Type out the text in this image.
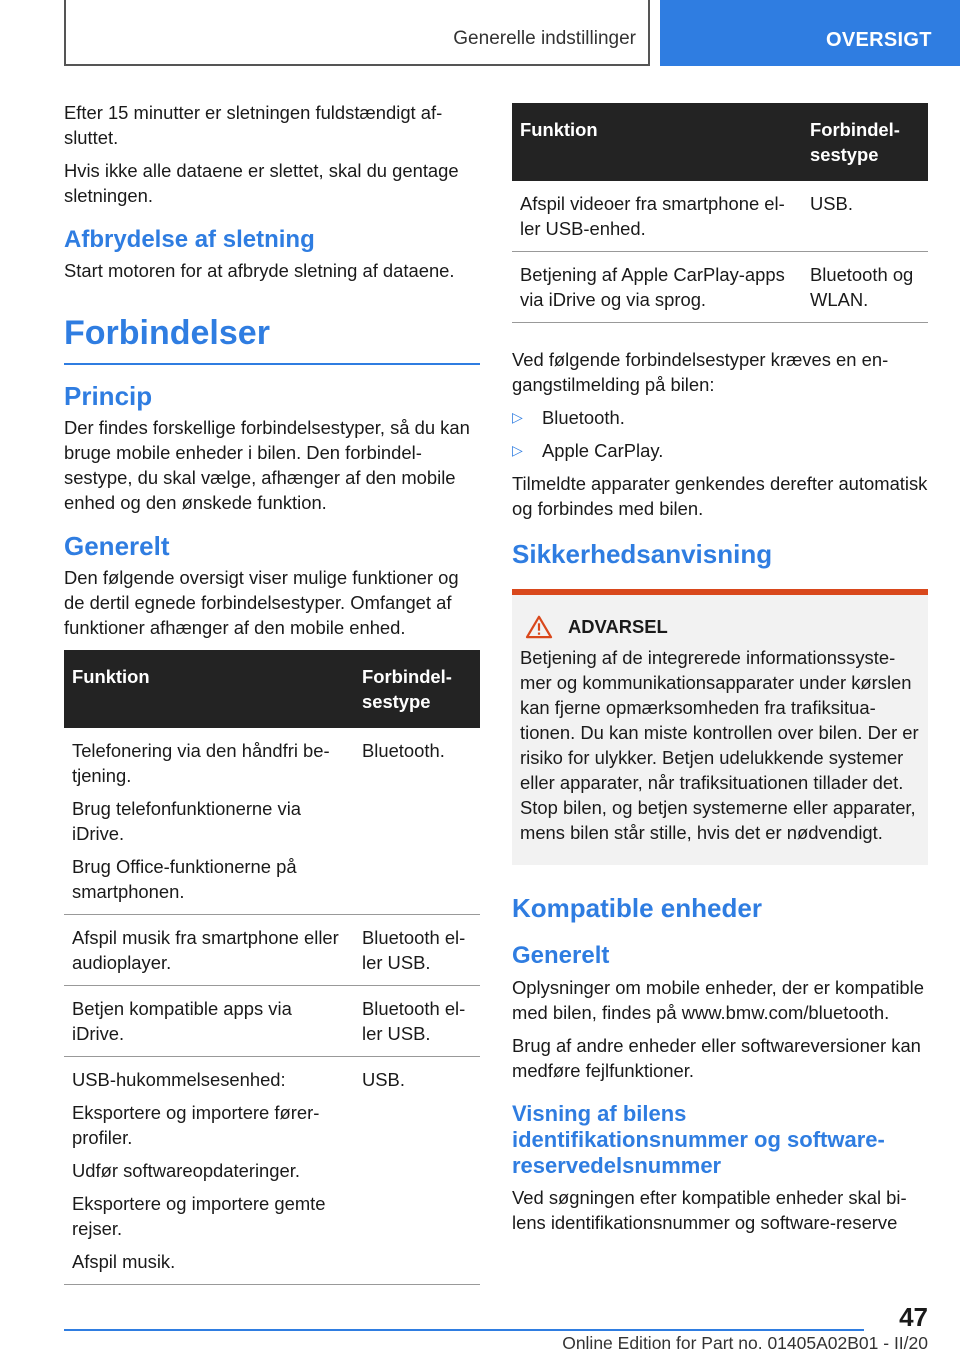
Generelle indstillinger	OVERSIGT

Efter 15 minutter er sletningen fuldstændigt afsluttet.

Hvis ikke alle dataene er slettet, skal du gentage sletningen.

Afbrydelse af sletning

Start motoren for at afbryde sletning af dataene.

Forbindelser
Princip

Der findes forskellige forbindelsestyper, så du kan bruge mobile enheder i bilen. Den forbindelsestype, du skal vælge, afhænger af den mobile enhed og den ønskede funktion.

Generelt

Den følgende oversigt viser mulige funktioner og de dertil egnede forbindelsestyper. Omfanget af funktioner afhænger af den mobile enhed.

Funktion	Forbindelsestype

Telefonering via den håndfri betjening.
Brug telefonfunktionerne via iDrive.
Brug Office-funktionerne på smartphonen.	Bluetooth.

Afspil musik fra smartphone eller audioplayer.	Bluetooth eller USB.

Betjen kompatible apps via iDrive.	Bluetooth eller USB.

USB-hukommelsesenhed:
Eksportere og importere førerprofiler.
Udfør softwareopdateringer.
Eksportere og importere gemte rejser.
Afspil musik.	USB.
Funktion	Forbindelsestype
Afspil videoer fra smartphone eller USB-enhed.	USB.
Betjening af Apple CarPlay-apps via iDrive og via sprog.	Bluetooth og WLAN.

Ved følgende forbindelsestyper kræves en engangstilmelding på bilen:

▷ Bluetooth.
▷ Apple CarPlay.

Tilmeldte apparater genkendes derefter automatisk og forbindes med bilen.

Sikkerhedsanvisning
ADVARSEL

Betjening af de integrerede informationssystemer og kommunikationsapparater under kørslen kan fjerne opmærksomheden fra trafiksituationen. Du kan miste kontrollen over bilen. Der er risiko for ulykker. Betjen udelukkende systemer eller apparater, når trafiksituationen tillader det. Stop bilen, og betjen systemerne eller apparater, mens bilen står stille, hvis det er nødvendigt.

Kompatible enheder
Generelt

Oplysninger om mobile enheder, der er kompatible med bilen, findes på www.bmw.com/bluetooth.

Brug af andre enheder eller softwareversioner kan medføre fejlfunktioner.

Visning af bilens identifikationsnummer og softwarereservedelsnummer

Ved søgningen efter kompatible enheder skal bilens identifikationsnummer og software-reserve

47
Online Edition for Part no. 01405A02B01 - II/20
